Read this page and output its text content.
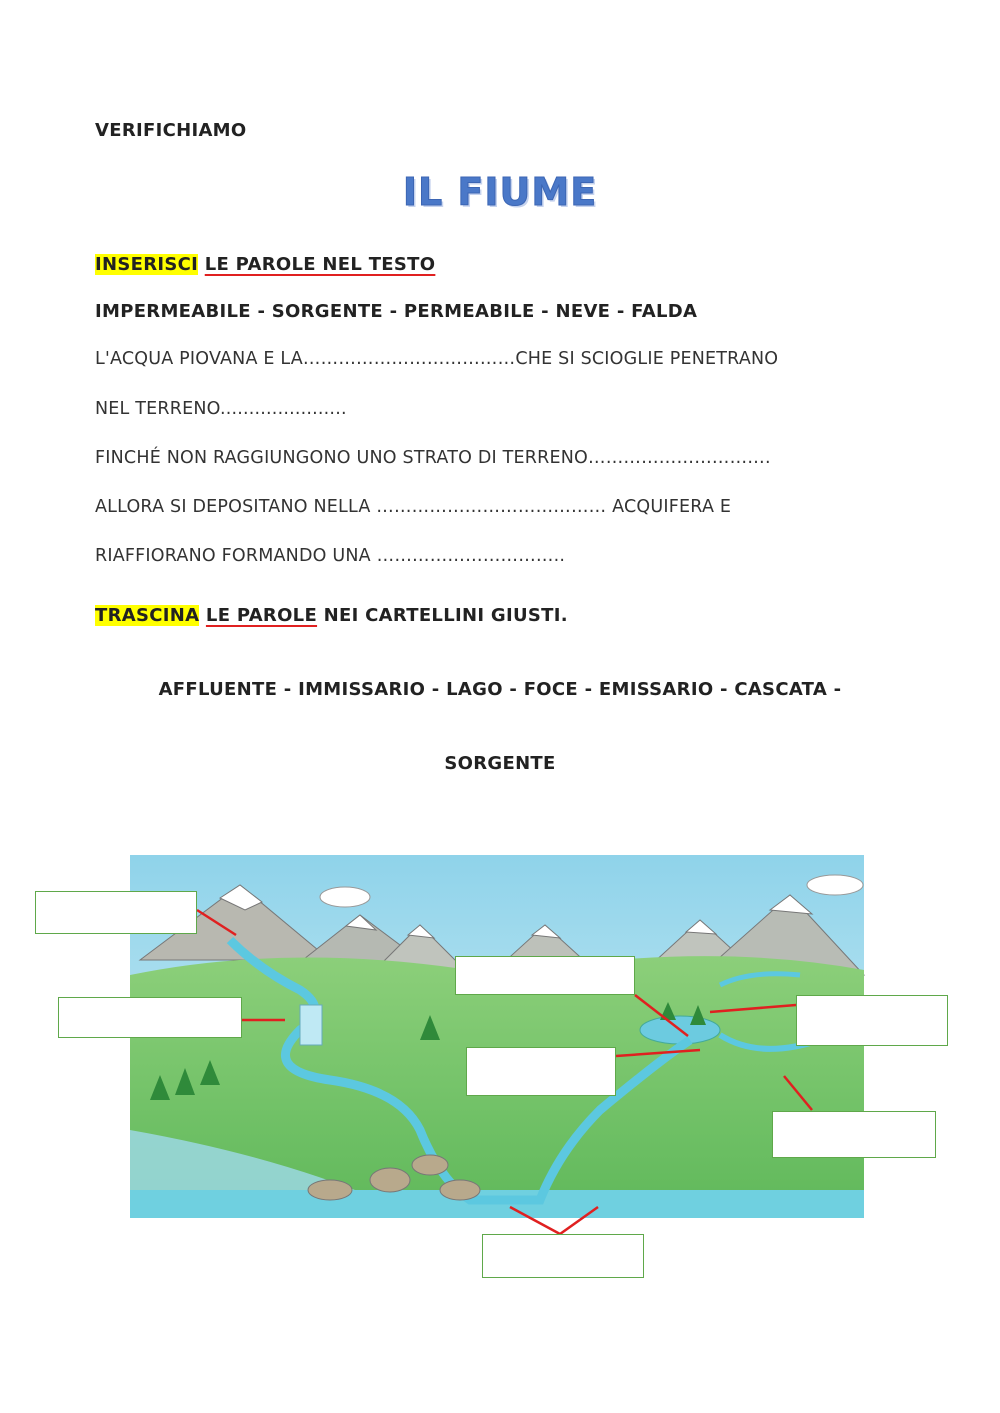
VERIFICHIAMO
IL FIUME
INSERISCI LE PAROLE NEL TESTO
IMPERMEABILE - SORGENTE - PERMEABILE - NEVE - FALDA
L'ACQUA PIOVANA E LA………………………………CHE SI SCIOGLIE PENETRANO
NEL TERRENO......................
FINCHÉ NON RAGGIUNGONO UNO STRATO DI TERRENO………………………….
ALLORA SI DEPOSITANO NELLA ………………………………… ACQUIFERA E
RIAFFIORANO FORMANDO UNA …………………………..
TRASCINA LE PAROLE NEI CARTELLINI GIUSTI.
AFFLUENTE - IMMISSARIO - LAGO - FOCE - EMISSARIO - CASCATA -
SORGENTE
